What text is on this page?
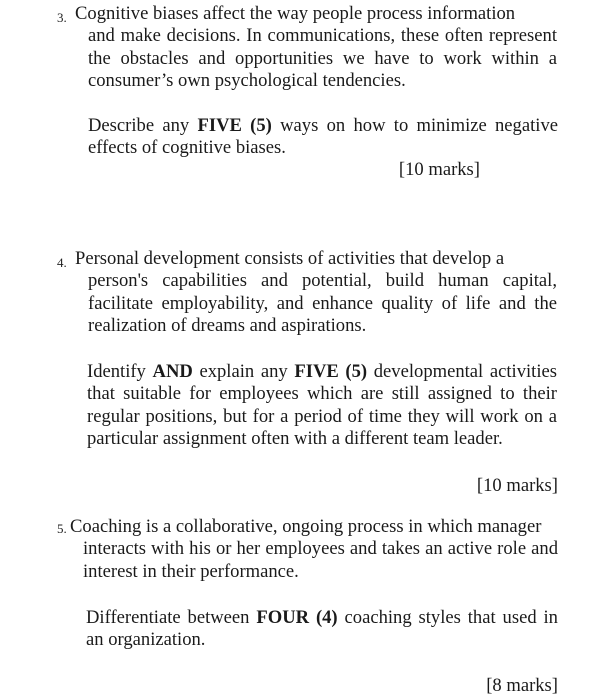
3. Cognitive biases affect the way people process information
and make decisions. In communications, these often represent the obstacles and opportunities we have to work within a consumer’s own psychological tendencies.

Describe any FIVE (5) ways on how to minimize negative effects of cognitive biases.

[10 marks]
4. Personal development consists of activities that develop a
person's capabilities and potential, build human capital, facilitate employability, and enhance quality of life and the realization of dreams and aspirations.

Identify AND explain any FIVE (5) developmental activities that suitable for employees which are still assigned to their regular positions, but for a period of time they will work on a particular assignment often with a different team leader.

[10 marks]
5. Coaching is a collaborative, ongoing process in which manager
interacts with his or her employees and takes an active role and interest in their performance.

Differentiate between FOUR (4) coaching styles that used in an organization.

[8 marks]
